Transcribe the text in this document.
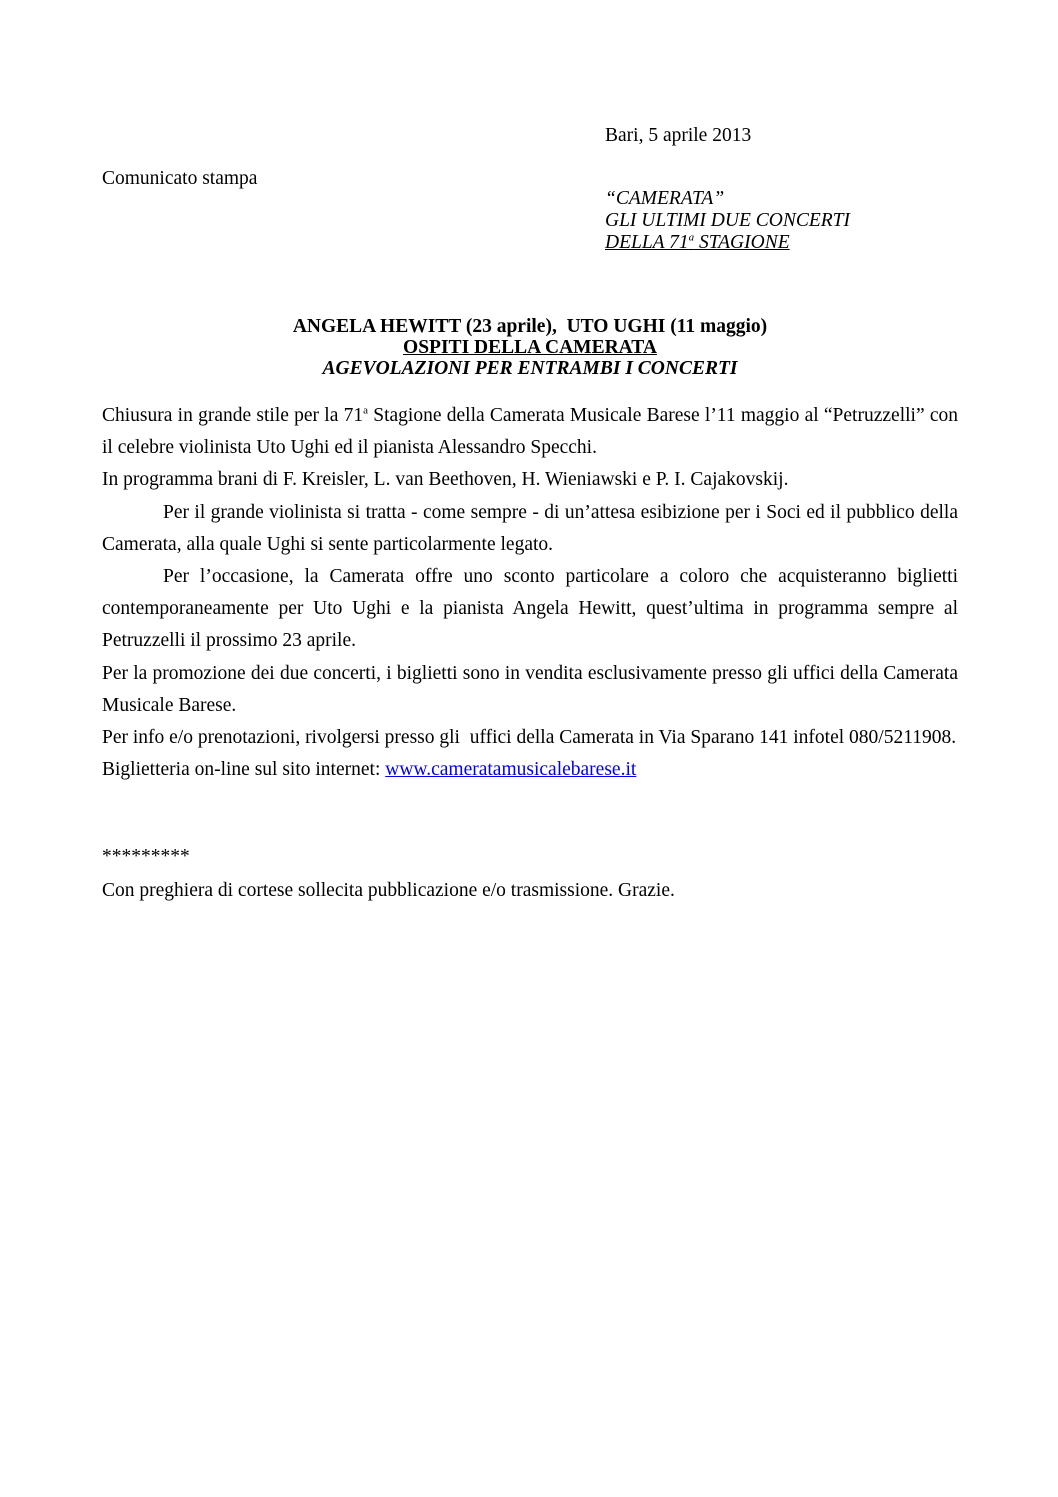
Bari, 5 aprile 2013
Comunicato stampa
“CAMERATA”
GLI ULTIMI DUE CONCERTI
DELLA 71$^a$ STAGIONE
ANGELA HEWITT (23 aprile),  UTO UGHI (11 maggio)
OSPITI DELLA CAMERATA
AGEVOLAZIONI PER ENTRAMBI I CONCERTI

Chiusura in grande stile per la 71$^a$ Stagione della Camerata Musicale Barese l’11 maggio al “Petruzzelli” con il celebre violinista Uto Ughi ed il pianista Alessandro Specchi.

In programma brani di F. Kreisler, L. van Beethoven, H. Wieniawski e P. I. Cajakovskij.

Per il grande violinista si tratta - come sempre - di un’attesa esibizione per i Soci ed il pubblico della Camerata, alla quale Ughi si sente particolarmente legato.

Per l’occasione, la Camerata offre uno sconto particolare a coloro che acquisteranno biglietti contemporaneamente per Uto Ughi e la pianista Angela Hewitt, quest’ultima in programma sempre al Petruzzelli il prossimo 23 aprile.

Per la promozione dei due concerti, i biglietti sono in vendita esclusivamente presso gli uffici della Camerata Musicale Barese.

Per info e/o prenotazioni, rivolgersi presso gli  uffici della Camerata in Via Sparano 141 infotel 080/5211908.

Biglietteria on-line sul sito internet: www.cameratamusicalebarese.it

*********
Con preghiera di cortese sollecita pubblicazione e/o trasmissione. Grazie.
